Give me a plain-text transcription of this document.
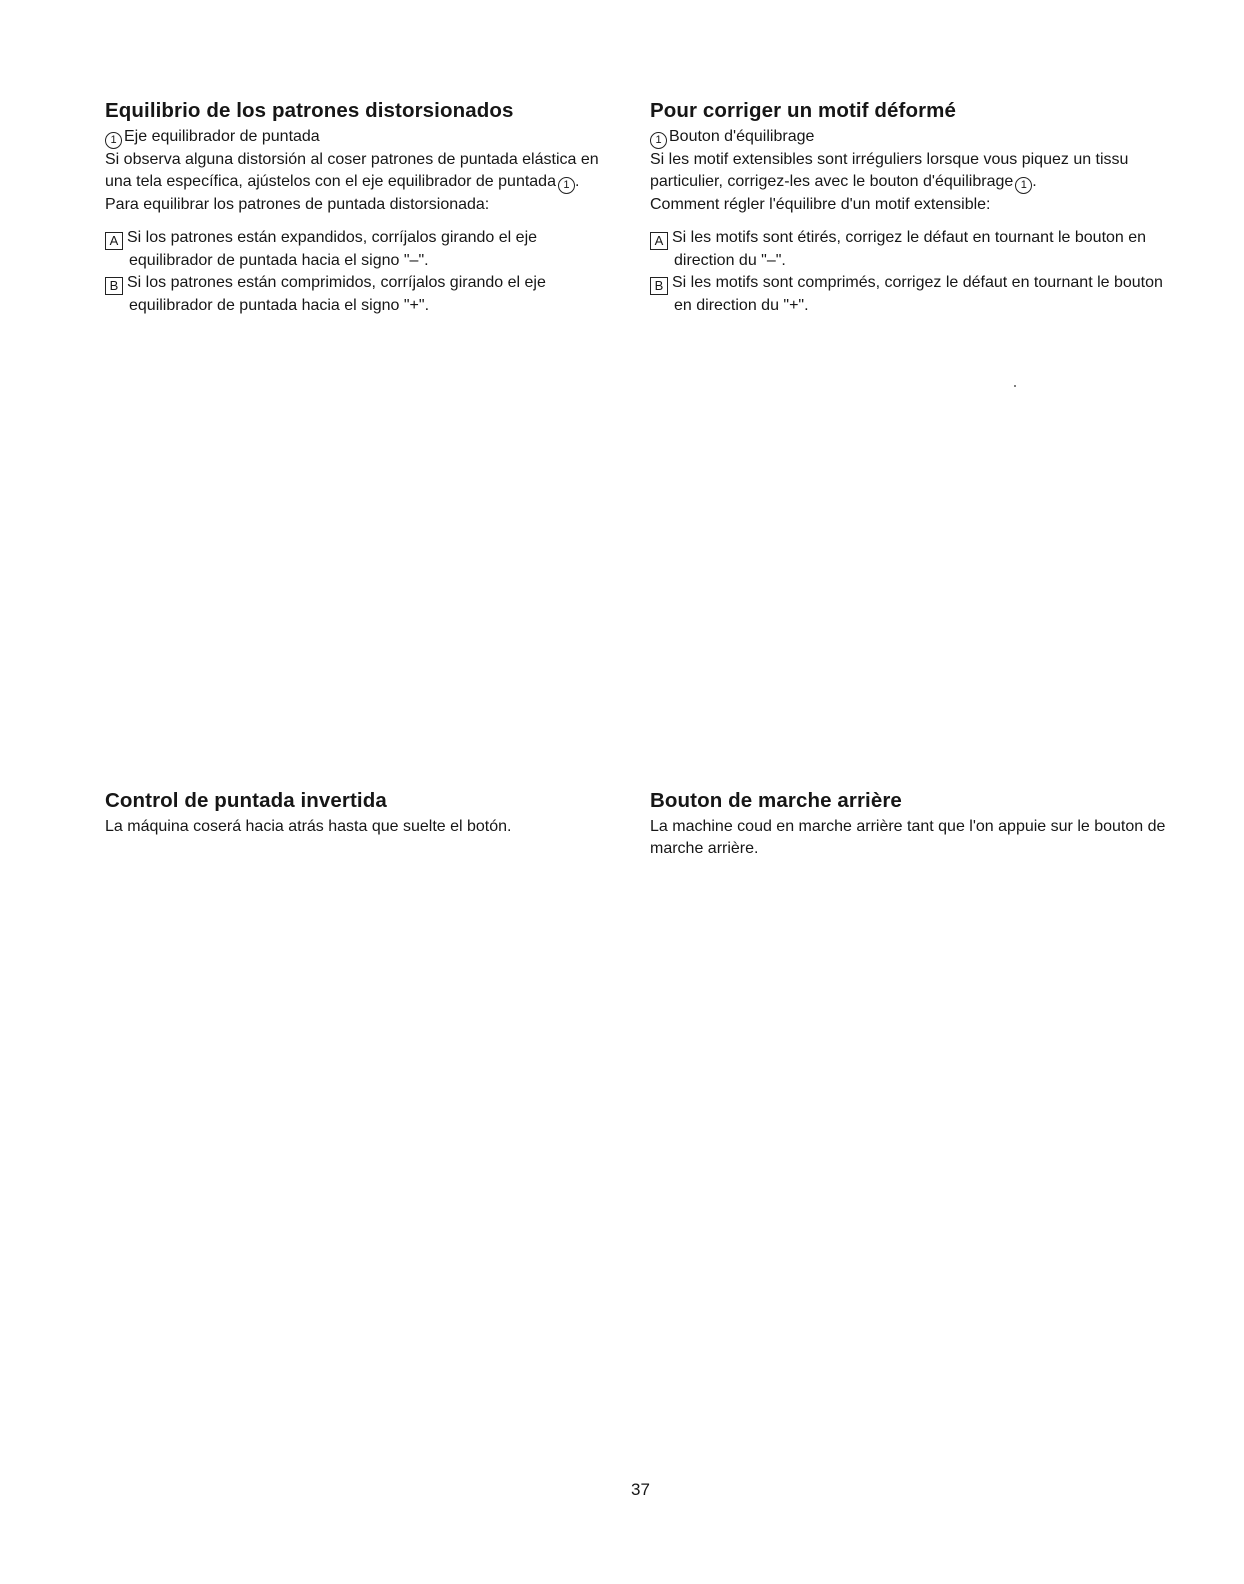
Equilibrio de los patrones distorsionados

1 Eje equilibrador de puntada

Si observa alguna distorsión al coser patrones de puntada elástica en una tela específica, ajústelos con el eje equilibrador de puntada 1 .

Para equilibrar los patrones de puntada distorsionada:

A Si los patrones están expandidos, corríjalos girando el eje equilibrador de puntada hacia el signo "–".

B Si los patrones están comprimidos, corríjalos girando el eje equilibrador de puntada hacia el signo "+".

Pour corriger un motif déformé

1 Bouton d'équilibrage

Si les motif extensibles sont irréguliers lorsque vous piquez un tissu particulier, corrigez-les avec le bouton d'équilibrage 1 .

Comment régler l'équilibre d'un motif extensible:

A Si les motifs sont étirés, corrigez le défaut en tournant le bouton en direction du "–".

B Si les motifs sont comprimés, corrigez le défaut en tournant le bouton en direction du "+".

Control de puntada invertida

La máquina coserá hacia atrás hasta que suelte el botón.

Bouton de marche arrière

La machine coud en marche arrière tant que l'on appuie sur le bouton de marche arrière.

37
